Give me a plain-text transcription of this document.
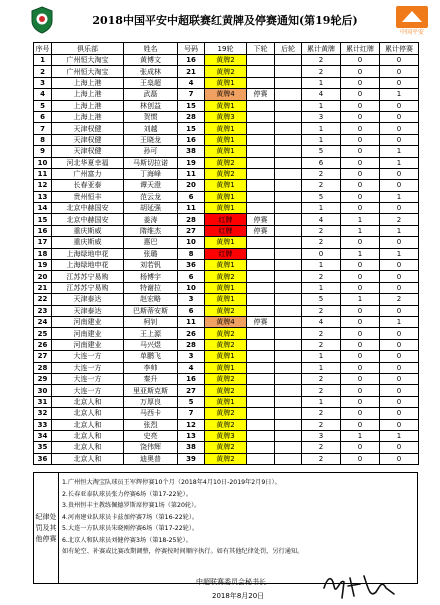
2018中国平安中超联赛红黄牌及停赛通知(第19轮后)
中国平安
序号	俱乐部	姓名	号码	19轮	下轮	后轮	累计黄牌	累计红牌	累计停赛
1	广州恒大淘宝	黄博文	16	黄牌2			2	0	0
2	广州恒大淘宝	张成林	21	黄牌2			2	0	0
3	上海上港	王燊超	4	黄牌1			1	0	0
4	上海上港	武磊	7	黄牌4	停赛		4	0	1
5	上海上港	林创益	15	黄牌1			1	0	0
6	上海上港	贺惯	28	黄牌3			3	0	0
7	天津权健	刘越	15	黄牌1			1	0	0
8	天津权健	王晓龙	16	黄牌1			1	0	0
9	天津权健	孙可	38	黄牌1			5	0	1
10	河北华夏幸福	马斯切拉诺	19	黄牌2			6	0	1
11	广州富力	丁海峰	11	黄牌2			2	0	0
12	长春亚泰	谭天澄	20	黄牌1			2	0	0
13	贵州恒丰	范云龙	6	黄牌1			5	0	1
14	北京中赫国安	胡延强	11	黄牌1			1	0	0
15	北京中赫国安	姜涛	28	红牌	停赛		4	1	2
16	重庆斯威	隋维杰	27	红牌	停赛		2	1	1
17	重庆斯威	惠巴	10	黄牌1			2	0	0
18	上海绿地申花	张璐	8	红牌			0	1	1
19	上海绿地申花	刘若钒	36	黄牌1			1	0	0
20	江苏苏宁易购	杨博宇	6	黄牌2			2	0	0
21	江苏苏宁易购	特谢拉	10	黄牌1			1	0	0
22	天津泰达	赵宏略	3	黄牌1			5	1	2
23	天津泰达	巴斯蒂安斯	6	黄牌2			2	0	0
24	河南建业	柯钊	11	黄牌4	停赛		4	0	1
25	河南建业	王上源	26	黄牌2			2	0	0
26	河南建业	马兴煜	28	黄牌2			2	0	0
27	大连一方	单鹏飞	3	黄牌1			1	0	0
28	大连一方	李帅	4	黄牌1			1	0	0
29	大连一方	秦升	16	黄牌2			2	0	0
30	大连一方	里亚斯克斯	27	黄牌2			2	0	0
31	北京人和	万厚良	5	黄牌1			1	0	0
32	北京人和	马西卡	7	黄牌2			2	0	0
33	北京人和	张烈	12	黄牌2			2	0	0
34	北京人和	史亮	13	黄牌3			3	1	1
35	北京人和	饶伟辉	38	黄牌2			2	0	0
36	北京人和	迪奥普	39	黄牌2			2	0	0
纪律处罚及其他停赛
1.广州恒大淘宝队球员王军辉停赛10个月（2018年4月10日-2019年2月9日）。
2.长春亚泰队球员张力停赛6场（第17-22轮）。
3.贵州恒丰主教练佩德罗斯席停赛1场（第20轮）。
4.河南建业队球员卡兹加停赛7场（第16-22轮）。
5.大连一方队球员朱晓刚停赛6场（第17-22轮）。
6.北京人和队球员刘健停赛3场（第18-25轮）。
如有轮空、补赛或比赛改期调整，停赛按时间顺序执行。如有其他纪律处罚，另行通知。
中超联赛委员会秘书长
2018年8月20日
